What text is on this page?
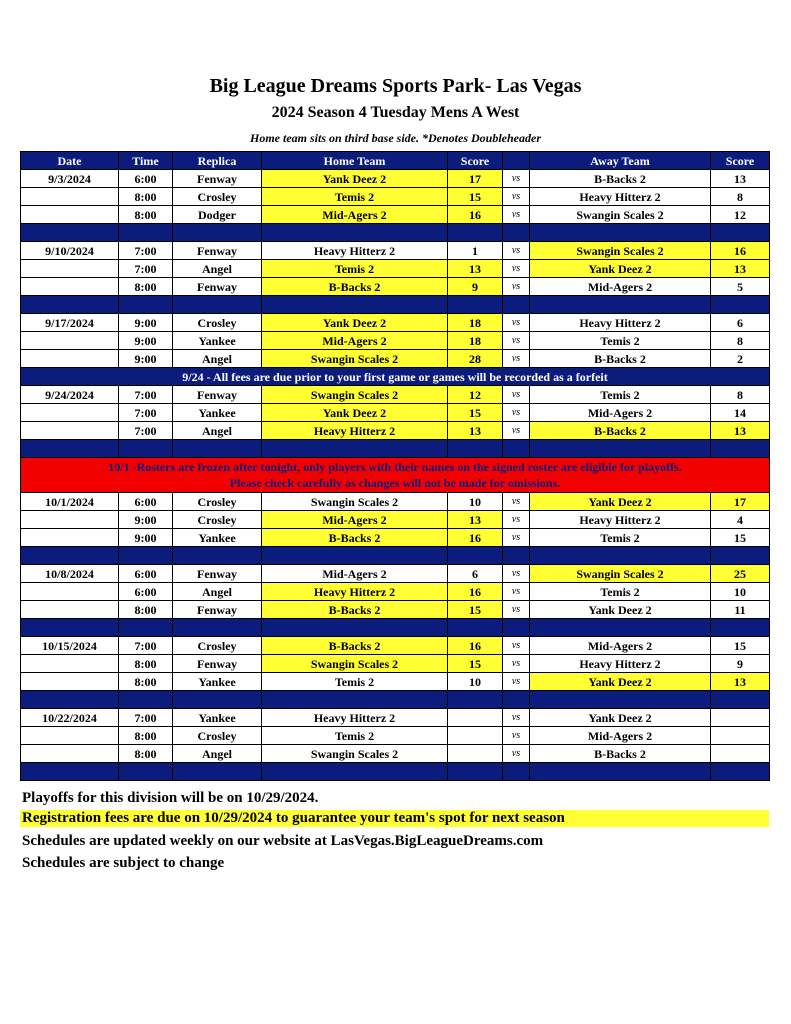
Big League Dreams Sports Park- Las Vegas
2024 Season 4 Tuesday Mens A West
Home team sits on third base side. *Denotes Doubleheader
Date	Time	Replica	Home Team	Score		Away Team	Score
9/3/2024	6:00	Fenway	Yank Deez 2	17	vs	B-Backs 2	13
	8:00	Crosley	Temis 2	15	vs	Heavy Hitterz 2	8
	8:00	Dodger	Mid-Agers 2	16	vs	Swangin Scales 2	12

9/10/2024	7:00	Fenway	Heavy Hitterz 2	1	vs	Swangin Scales 2	16
	7:00	Angel	Temis 2	13	vs	Yank Deez 2	13
	8:00	Fenway	B-Backs 2	9	vs	Mid-Agers 2	5

9/17/2024	9:00	Crosley	Yank Deez 2	18	vs	Heavy Hitterz 2	6
	9:00	Yankee	Mid-Agers 2	18	vs	Temis 2	8
	9:00	Angel	Swangin Scales 2	28	vs	B-Backs 2	2
9/24 - All fees are due prior to your first game or games will be recorded as a forfeit							
9/24/2024	7:00	Fenway	Swangin Scales 2	12	vs	Temis 2	8
	7:00	Yankee	Yank Deez 2	15	vs	Mid-Agers 2	14
	7:00	Angel	Heavy Hitterz 2	13	vs	B-Backs 2	13

10/1 -Rosters are frozen after tonight, only players with their names on the signed roster are eligible for playoffs.
Please check carefully as changes will not be made for omissions.							

10/1/2024	6:00	Crosley	Swangin Scales 2	10	vs	Yank Deez 2	17
	9:00	Crosley	Mid-Agers 2	13	vs	Heavy Hitterz 2	4
	9:00	Yankee	B-Backs 2	16	vs	Temis 2	15

10/8/2024	6:00	Fenway	Mid-Agers 2	6	vs	Swangin Scales 2	25
	6:00	Angel	Heavy Hitterz 2	16	vs	Temis 2	10
	8:00	Fenway	B-Backs 2	15	vs	Yank Deez 2	11

10/15/2024	7:00	Crosley	B-Backs 2	16	vs	Mid-Agers 2	15
	8:00	Fenway	Swangin Scales 2	15	vs	Heavy Hitterz 2	9
	8:00	Yankee	Temis 2	10	vs	Yank Deez 2	13

10/22/2024	7:00	Yankee	Heavy Hitterz 2		vs	Yank Deez 2	
	8:00	Crosley	Temis 2		vs	Mid-Agers 2	
	8:00	Angel	Swangin Scales 2		vs	B-Backs 2	

Playoffs for this division will be on 10/29/2024.
Registration fees are due on 10/29/2024 to guarantee your team's spot for next season
Schedules are updated weekly on our website at LasVegas.BigLeagueDreams.com
Schedules are subject to change
